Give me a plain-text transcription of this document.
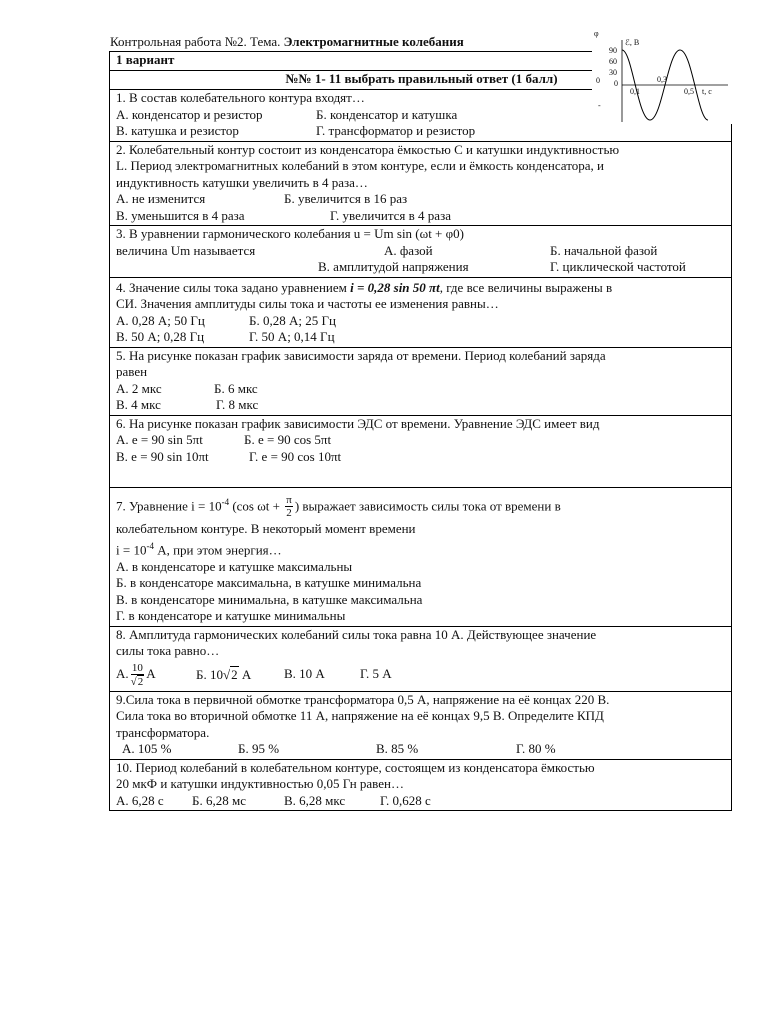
Контрольная работа №2. Тема. Электромагнитные колебания
1 вариант
№№ 1- 11 выбрать правильный ответ (1 балл)

1. В состав колебательного контура входят…
А. конденсатор и резистор	Б. конденсатор и катушка
В. катушка и резистор	Г. трансформатор и резистор

2. Колебательный контур состоит из конденсатора ёмкостью С и катушки индуктивностью
L. Период электромагнитных колебаний в этом контуре, если и ёмкость конденсатора, и
индуктивность катушки увеличить в 4 раза…
А. не изменится	Б. увеличится в 16 раз
В. уменьшится в 4 раза	Г. увеличится в 4 раза

3. В уравнении гармонического колебания u = Um sin (ωt + φ0)
величина Um называется	А. фазой	Б. начальной фазой
В. амплитудой напряжения	Г. циклической частотой

4. Значение силы тока задано уравнением i = 0,28 sin 50 πt, где все величины выражены в
СИ. Значения амплитуды силы тока и частоты ее изменения равны…
А. 0,28 А; 50 Гц	Б. 0,28 А; 25 Гц
В. 50 А; 0,28 Гц	Г. 50 А; 0,14 Гц

5. На рисунке показан график зависимости заряда от времени. Период колебаний заряда
равен
А. 2 мкс	Б. 6 мкс
В. 4 мкс	Г. 8 мкс

6. На рисунке показан график зависимости ЭДС от времени. Уравнение ЭДС имеет вид
А. е = 90 sin 5πt	Б. е = 90 cos 5πt
В. е = 90 sin 10πt	Г. е = 90 cos 10πt

7. Уравнение $i = 10^{-4}$ (cos $\omega t + \frac{\pi}{2}$ ) выражает зависимость силы тока от времени в
колебательном контуре. В некоторый момент времени
$i = 10^{-4}$ А, при этом энергия…
А. в конденсаторе и катушке максимальны
Б. в конденсаторе максимальна, в катушке минимальна
В. в конденсаторе минимальна, в катушке максимальна
Г. в конденсаторе и катушке минимальны

8. Амплитуда гармонических колебаний силы тока равна 10 А. Действующее значение
силы тока равно…
А. $\frac{10}{√2}$ А	Б. 10√2 А	В. 10 А	Г. 5 А

9.Сила тока в первичной обмотке трансформатора 0,5 А, напряжение на её концах 220 В.
Сила тока во вторичной обмотке 11 А, напряжение на её концах 9,5 В. Определите КПД
трансформатора.
А. 105 %	Б. 95 %	В. 85 %	Г. 80 %

10. Период колебаний в колебательном контуре, состоящем из конденсатора ёмкостью
20 мкФ и катушки индуктивностью 0,05 Гн равен…
А. 6,28 с	Б. 6,28 мс	В. 6,28 мкс	Г. 0,628 с
φ
0
-
ℰ, В
90
60
30
0
0,1
0,3
0,5 t, с
